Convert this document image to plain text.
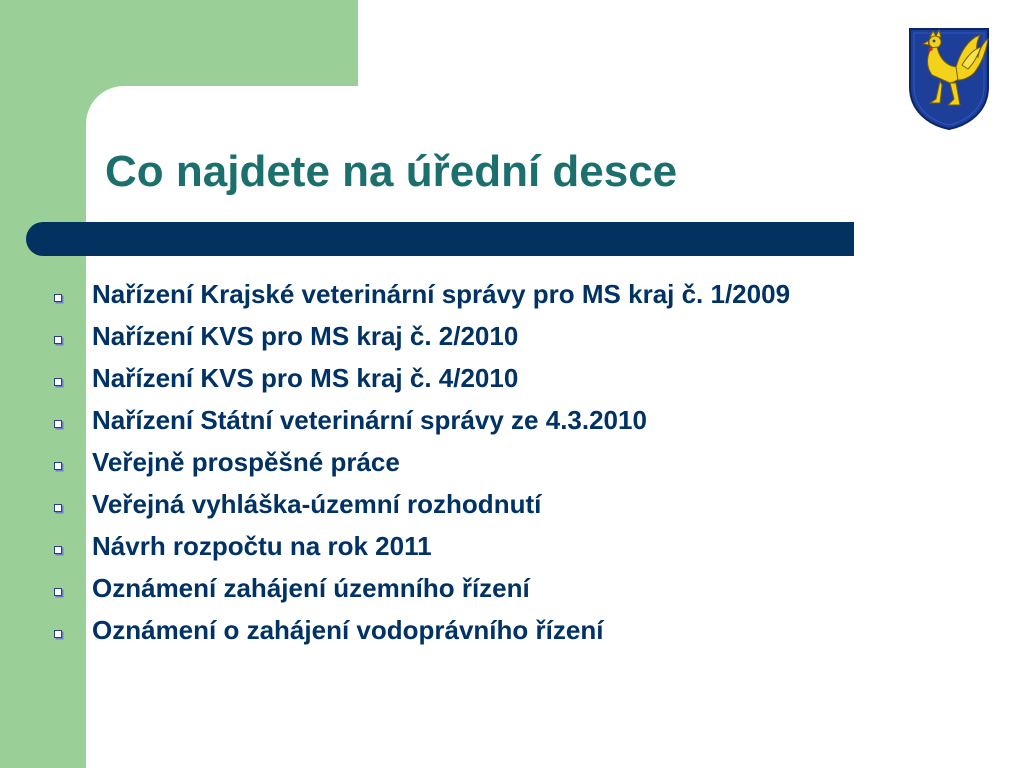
Co najdete na úřední desce
Nařízení Krajské veterinární správy pro MS kraj č. 1/2009
Nařízení KVS pro MS kraj č. 2/2010
Nařízení KVS pro MS kraj č. 4/2010
Nařízení Státní veterinární správy ze 4.3.2010
Veřejně prospěšné práce
Veřejná vyhláška-územní rozhodnutí
Návrh rozpočtu na rok 2011
Oznámení zahájení územního řízení
Oznámení o zahájení vodoprávního řízení
